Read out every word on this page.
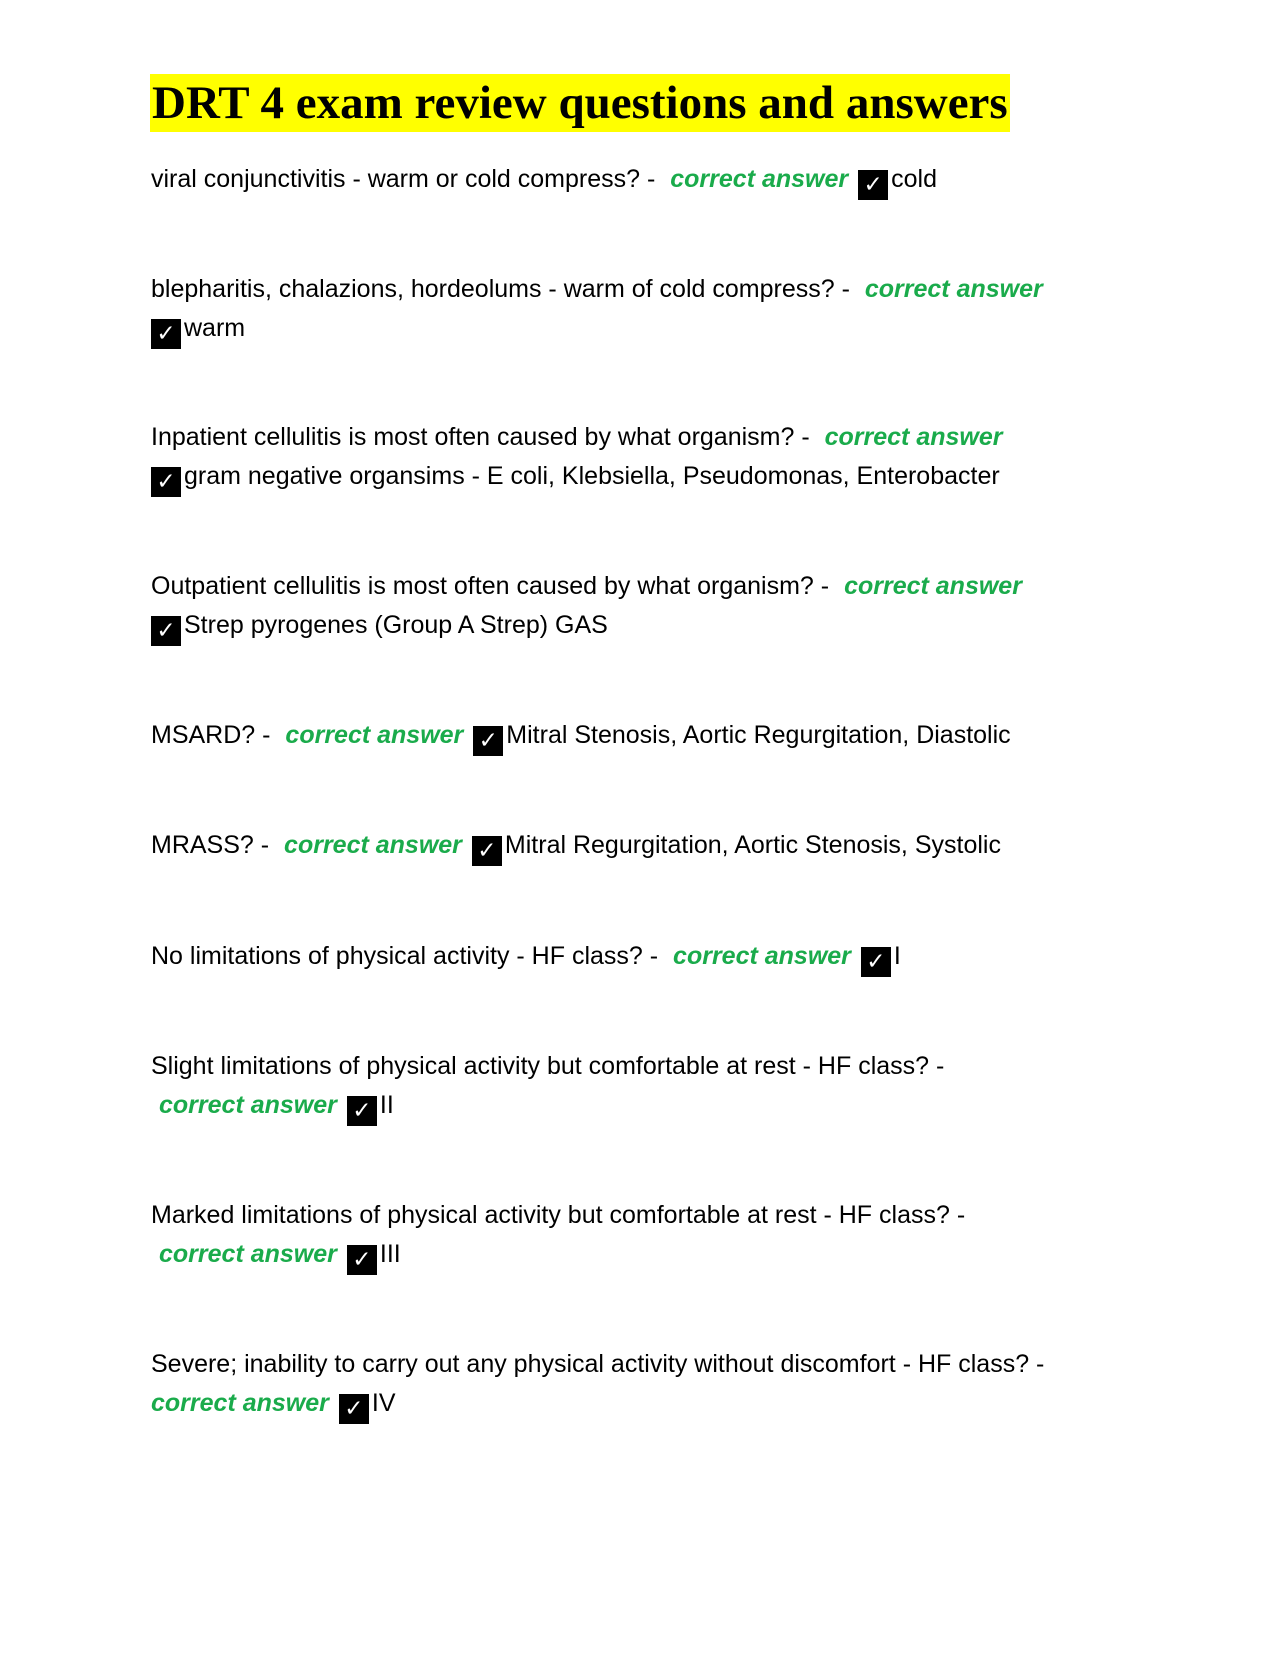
DRT 4 exam review questions and answers
viral conjunctivitis - warm or cold compress? - correct answer ✓ cold
blepharitis, chalazions, hordeolums - warm of cold compress? - correct answer
✓ warm
Inpatient cellulitis is most often caused by what organism? - correct answer
✓ gram negative organsims - E coli, Klebsiella, Pseudomonas, Enterobacter
Outpatient cellulitis is most often caused by what organism? - correct answer
✓ Strep pyrogenes (Group A Strep) GAS
MSARD? - correct answer ✓ Mitral Stenosis, Aortic Regurgitation, Diastolic
MRASS? - correct answer ✓ Mitral Regurgitation, Aortic Stenosis, Systolic
No limitations of physical activity - HF class? - correct answer ✓ I
Slight limitations of physical activity but comfortable at rest - HF class? - correct answer ✓ II
Marked limitations of physical activity but comfortable at rest - HF class? - correct answer ✓ III
Severe; inability to carry out any physical activity without discomfort - HF class? -
correct answer ✓ IV
